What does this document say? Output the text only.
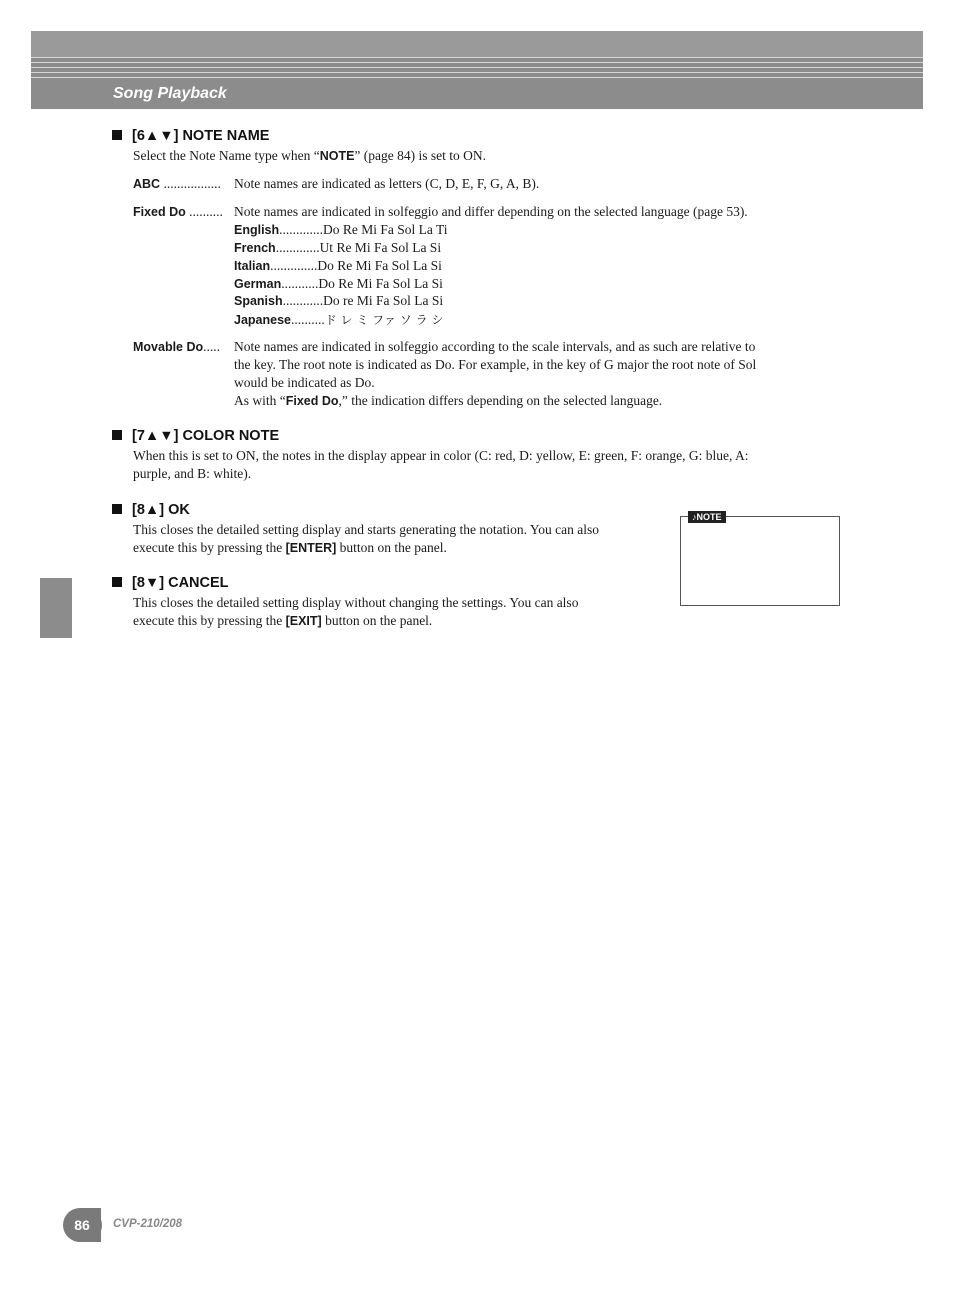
Song Playback
[6▲▼] NOTE NAME
Select the Note Name type when “NOTE” (page 84) is set to ON.
ABC ................. Note names are indicated as letters (C, D, E, F, G, A, B).
Fixed Do .......... Note names are indicated in solfeggio and differ depending on the selected language (page 53).
English.............Do Re Mi Fa Sol La Ti
French.............Ut Re Mi Fa Sol La Si
Italian..............Do Re Mi Fa Sol La Si
German...........Do Re Mi Fa Sol La Si
Spanish............Do re Mi Fa Sol La Si
Japanese..........ド レ ミ ファ ソ ラ シ
Movable Do..... Note names are indicated in solfeggio according to the scale intervals, and as such are relative to
the key. The root note is indicated as Do. For example, in the key of G major the root note of Sol
would be indicated as Do.
As with “Fixed Do,” the indication differs depending on the selected language.
[7▲▼] COLOR NOTE
When this is set to ON, the notes in the display appear in color (C: red, D: yellow, E: green, F: orange, G: blue, A:
purple, and B: white).
[8▲] OK
This closes the detailed setting display and starts generating the notation. You can also
execute this by pressing the [ENTER] button on the panel.
[8▼] CANCEL
This closes the detailed setting display without changing the settings. You can also
execute this by pressing the [EXIT] button on the panel.
♪NOTE
86	CVP-210/208
